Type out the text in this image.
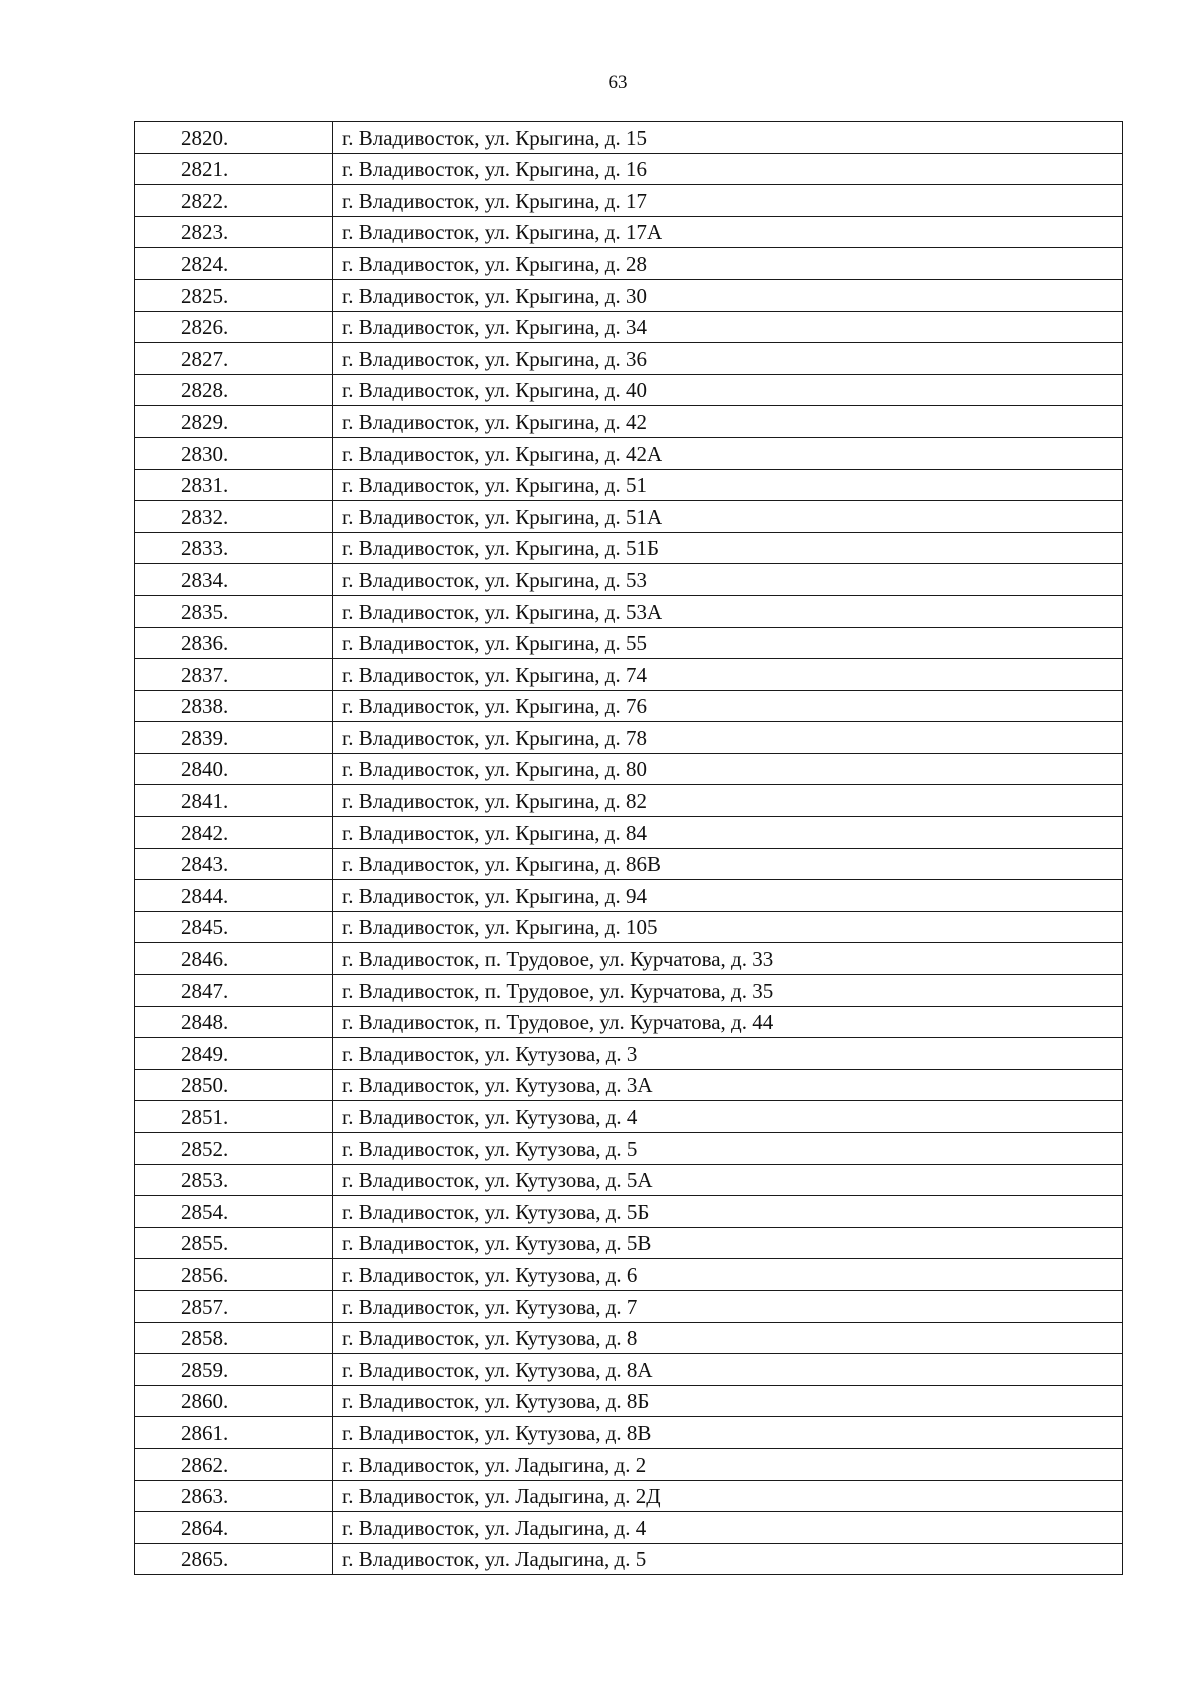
63
2820.	г. Владивосток, ул. Крыгина, д. 15
2821.	г. Владивосток, ул. Крыгина, д. 16
2822.	г. Владивосток, ул. Крыгина, д. 17
2823.	г. Владивосток, ул. Крыгина, д. 17А
2824.	г. Владивосток, ул. Крыгина, д. 28
2825.	г. Владивосток, ул. Крыгина, д. 30
2826.	г. Владивосток, ул. Крыгина, д. 34
2827.	г. Владивосток, ул. Крыгина, д. 36
2828.	г. Владивосток, ул. Крыгина, д. 40
2829.	г. Владивосток, ул. Крыгина, д. 42
2830.	г. Владивосток, ул. Крыгина, д. 42А
2831.	г. Владивосток, ул. Крыгина, д. 51
2832.	г. Владивосток, ул. Крыгина, д. 51А
2833.	г. Владивосток, ул. Крыгина, д. 51Б
2834.	г. Владивосток, ул. Крыгина, д. 53
2835.	г. Владивосток, ул. Крыгина, д. 53А
2836.	г. Владивосток, ул. Крыгина, д. 55
2837.	г. Владивосток, ул. Крыгина, д. 74
2838.	г. Владивосток, ул. Крыгина, д. 76
2839.	г. Владивосток, ул. Крыгина, д. 78
2840.	г. Владивосток, ул. Крыгина, д. 80
2841.	г. Владивосток, ул. Крыгина, д. 82
2842.	г. Владивосток, ул. Крыгина, д. 84
2843.	г. Владивосток, ул. Крыгина, д. 86В
2844.	г. Владивосток, ул. Крыгина, д. 94
2845.	г. Владивосток, ул. Крыгина, д. 105
2846.	г. Владивосток, п. Трудовое, ул. Курчатова, д. 33
2847.	г. Владивосток, п. Трудовое, ул. Курчатова, д. 35
2848.	г. Владивосток, п. Трудовое, ул. Курчатова, д. 44
2849.	г. Владивосток, ул. Кутузова, д. 3
2850.	г. Владивосток, ул. Кутузова, д. 3А
2851.	г. Владивосток, ул. Кутузова, д. 4
2852.	г. Владивосток, ул. Кутузова, д. 5
2853.	г. Владивосток, ул. Кутузова, д. 5А
2854.	г. Владивосток, ул. Кутузова, д. 5Б
2855.	г. Владивосток, ул. Кутузова, д. 5В
2856.	г. Владивосток, ул. Кутузова, д. 6
2857.	г. Владивосток, ул. Кутузова, д. 7
2858.	г. Владивосток, ул. Кутузова, д. 8
2859.	г. Владивосток, ул. Кутузова, д. 8А
2860.	г. Владивосток, ул. Кутузова, д. 8Б
2861.	г. Владивосток, ул. Кутузова, д. 8В
2862.	г. Владивосток, ул. Ладыгина, д. 2
2863.	г. Владивосток, ул. Ладыгина, д. 2Д
2864.	г. Владивосток, ул. Ладыгина, д. 4
2865.	г. Владивосток, ул. Ладыгина, д. 5
